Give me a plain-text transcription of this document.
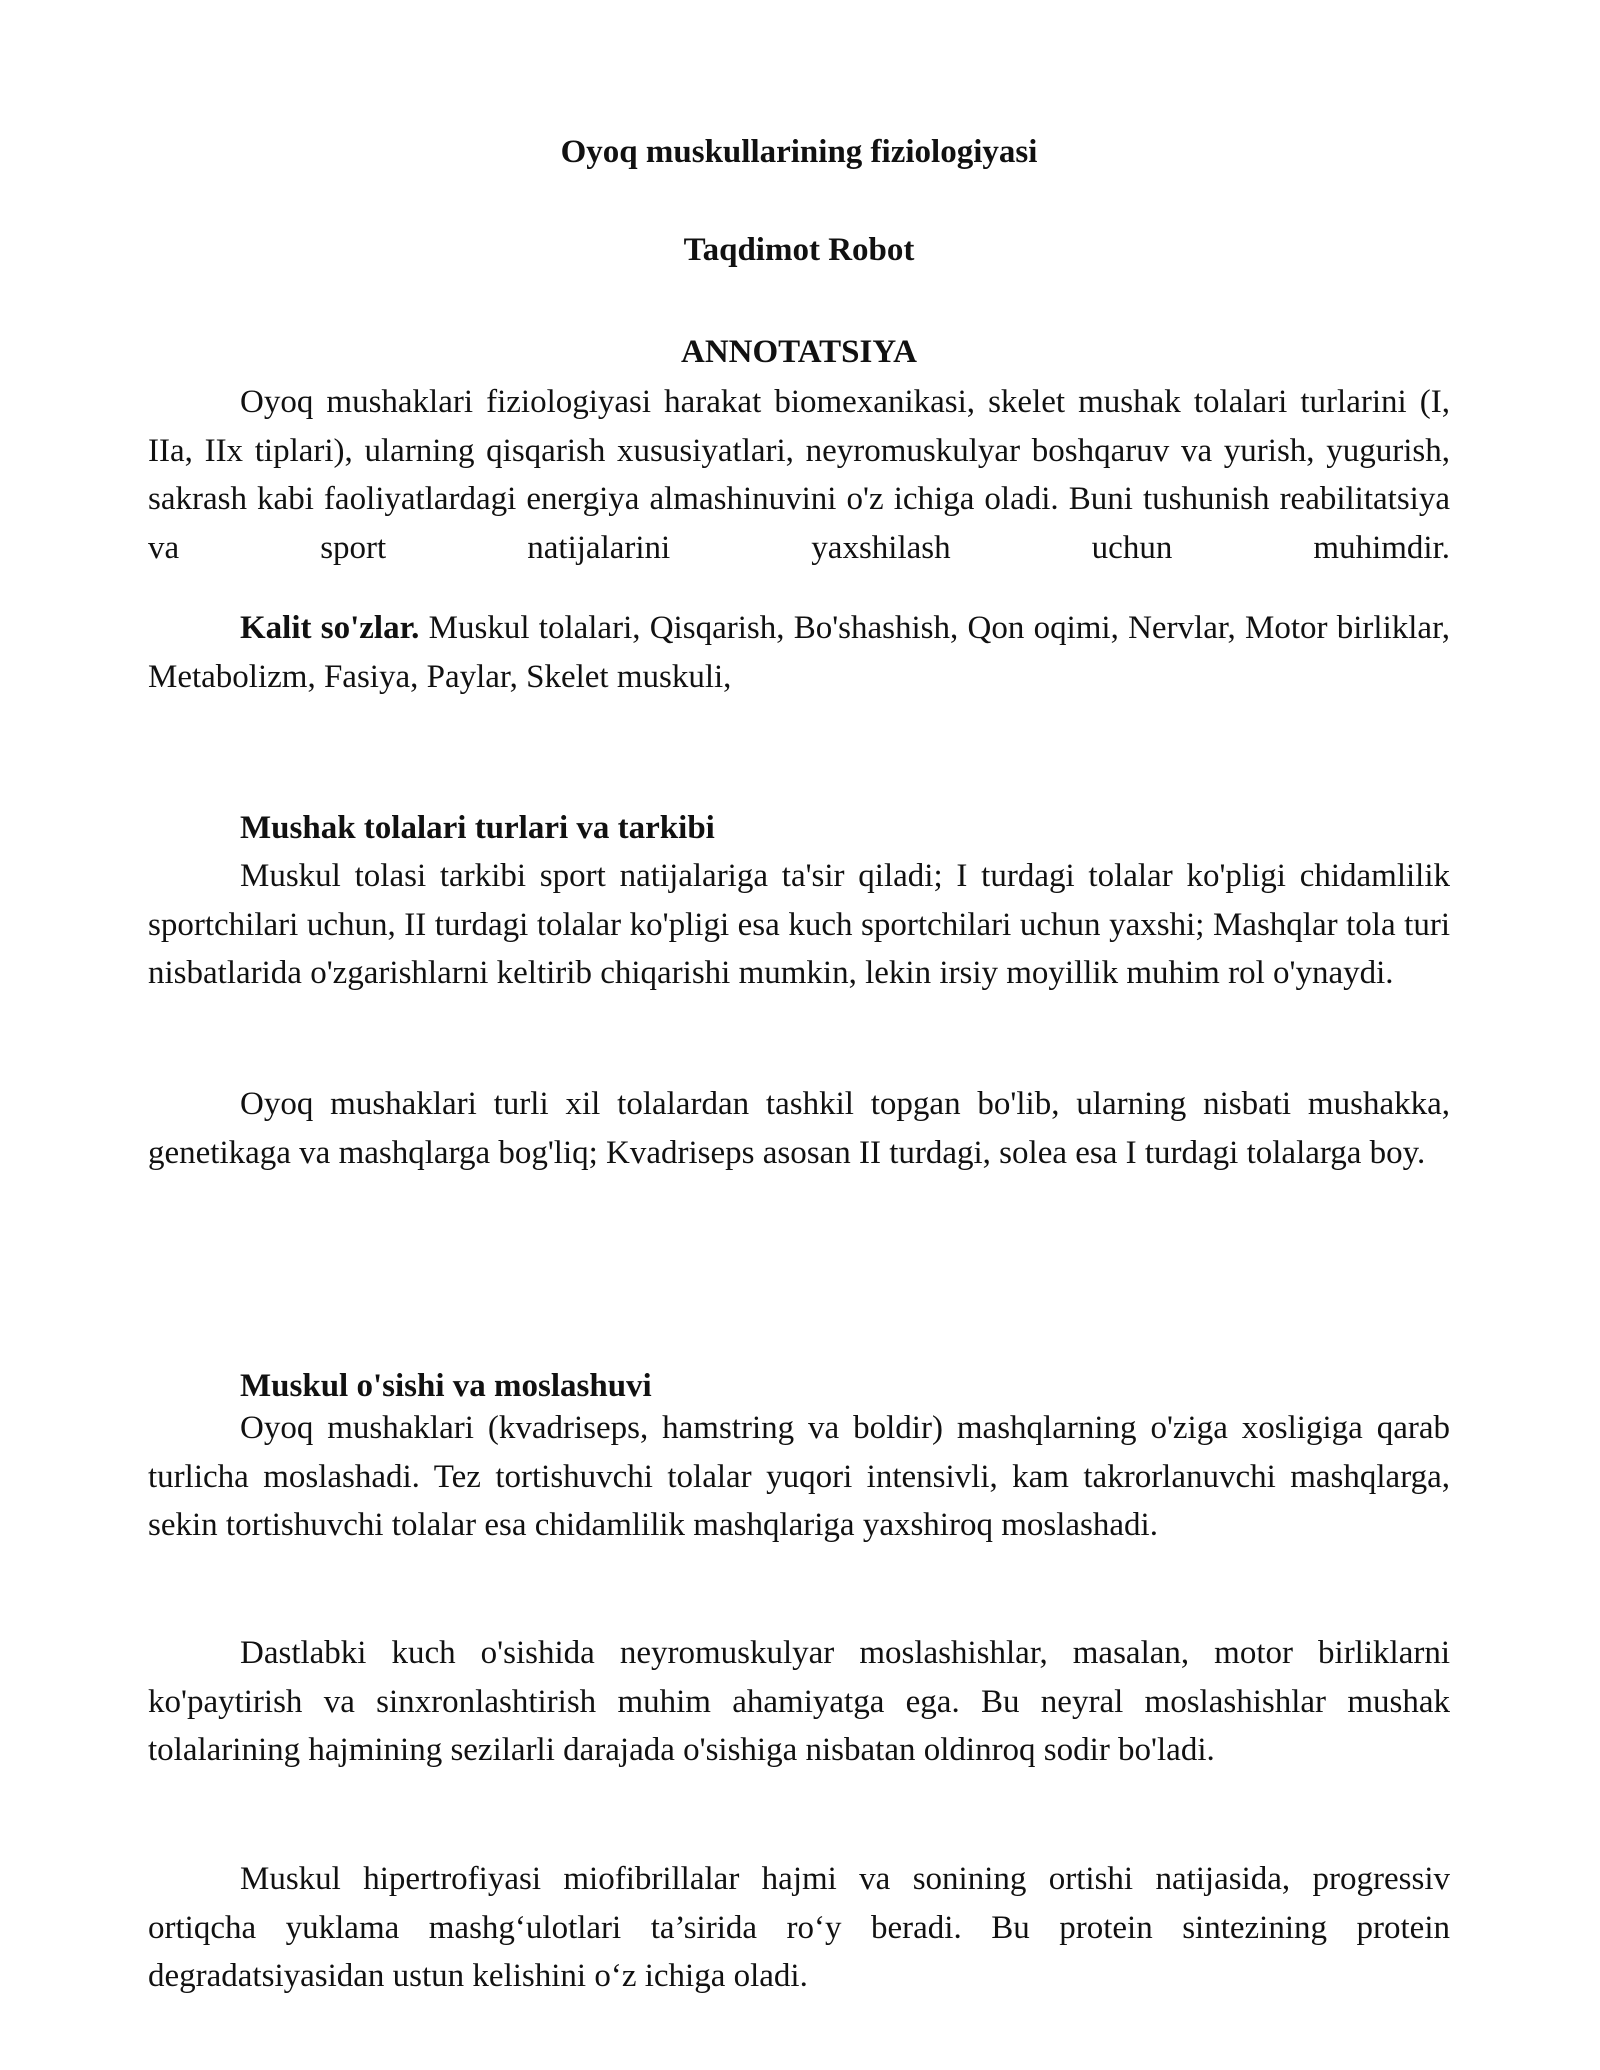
Oyoq muskullarining fiziologiyasi
Taqdimot Robot
ANNOTATSIYA

Oyoq mushaklari fiziologiyasi harakat biomexanikasi, skelet mushak tolalari turlarini (I, IIa, IIx tiplari), ularning qisqarish xususiyatlari, neyromuskulyar boshqaruv va yurish, yugurish, sakrash kabi faoliyatlardagi energiya almashinuvini o'z ichiga oladi. Buni tushunish reabilitatsiya va sport natijalarini yaxshilash uchun muhimdir.

Kalit so'zlar. Muskul tolalari, Qisqarish, Bo'shashish, Qon oqimi, Nervlar, Motor birliklar, Metabolizm, Fasiya, Paylar, Skelet muskuli,

Mushak tolalari turlari va tarkibi

Muskul tolasi tarkibi sport natijalariga ta'sir qiladi; I turdagi tolalar ko'pligi chidamlilik sportchilari uchun, II turdagi tolalar ko'pligi esa kuch sportchilari uchun yaxshi; Mashqlar tola turi nisbatlarida o'zgarishlarni keltirib chiqarishi mumkin, lekin irsiy moyillik muhim rol o'ynaydi.

Oyoq mushaklari turli xil tolalardan tashkil topgan bo'lib, ularning nisbati mushakka, genetikaga va mashqlarga bog'liq; Kvadriseps asosan II turdagi, solea esa I turdagi tolalarga boy.

Muskul o'sishi va moslashuvi

Oyoq mushaklari (kvadriseps, hamstring va boldir) mashqlarning o'ziga xosligiga qarab turlicha moslashadi. Tez tortishuvchi tolalar yuqori intensivli, kam takrorlanuvchi mashqlarga, sekin tortishuvchi tolalar esa chidamlilik mashqlariga yaxshiroq moslashadi.

Dastlabki kuch o'sishida neyromuskulyar moslashishlar, masalan, motor birliklarni ko'paytirish va sinxronlashtirish muhim ahamiyatga ega. Bu neyral moslashishlar mushak tolalarining hajmining sezilarli darajada o'sishiga nisbatan oldinroq sodir bo'ladi.

Muskul hipertrofiyasi miofibrillalar hajmi va sonining ortishi natijasida, progressiv ortiqcha yuklama mashg‘ulotlari ta’sirida ro‘y beradi. Bu protein sintezining protein degradatsiyasidan ustun kelishini o‘z ichiga oladi.
